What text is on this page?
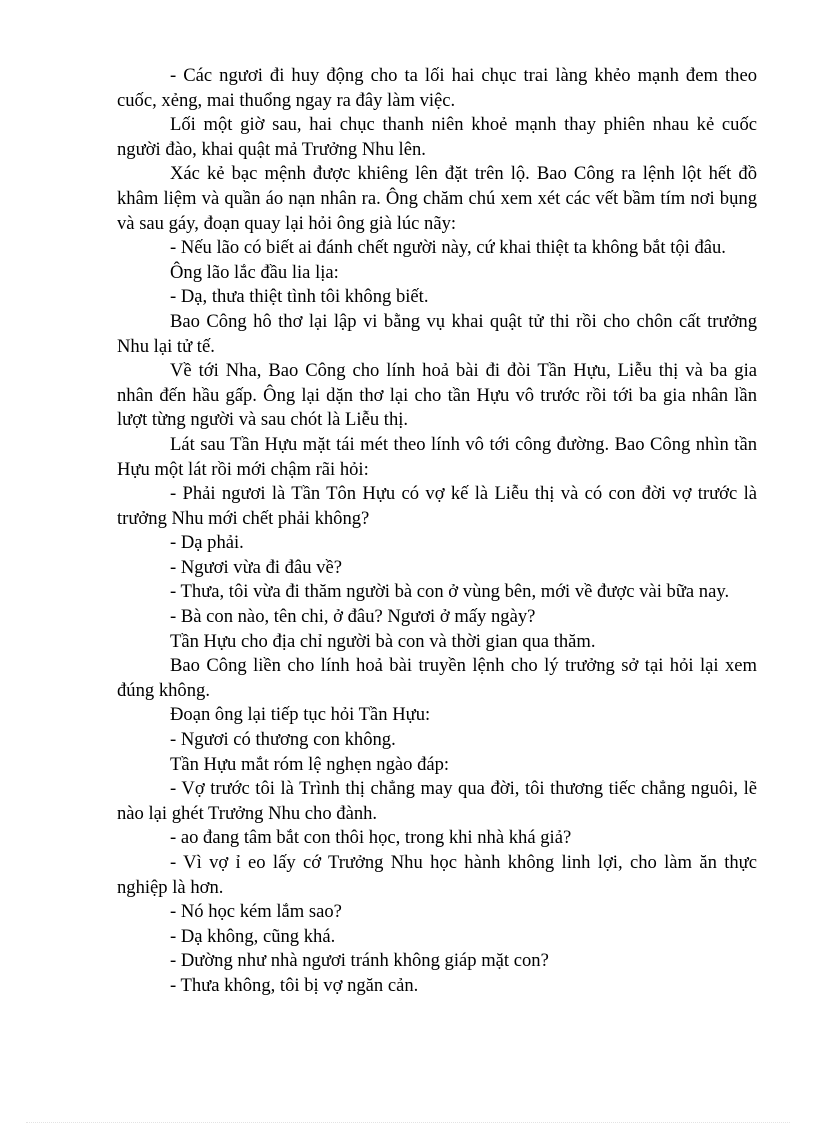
- Các ngươi đi huy động cho ta lối hai chục trai làng khẻo mạnh đem theo cuốc, xẻng, mai thuổng ngay ra đây làm việc.

Lối một giờ sau, hai chục thanh niên khoẻ mạnh thay phiên nhau kẻ cuốc người đào, khai quật mả Trưởng Nhu lên.

Xác kẻ bạc mệnh được khiêng lên đặt trên lộ. Bao Công ra lệnh lột hết đồ khâm liệm và quần áo nạn nhân ra. Ông chăm chú xem xét các vết bầm tím nơi bụng và sau gáy, đoạn quay lại hỏi ông già lúc nãy:

- Nếu lão có biết ai đánh chết người này, cứ khai thiệt ta không bắt tội đâu.

Ông lão lắc đầu lia lịa:

- Dạ, thưa thiệt tình tôi không biết.

Bao Công hô thơ lại lập vi bằng vụ khai quật tử thi rồi cho chôn cất trưởng Nhu lại tử tế.

Về tới Nha, Bao Công cho lính hoả bài đi đòi Tần Hựu, Liễu thị và ba gia nhân đến hầu gấp. Ông lại dặn thơ lại cho tần Hựu vô trước rồi tới ba gia nhân lần lượt từng người và sau chót là Liễu thị.

Lát sau Tần Hựu mặt tái mét theo lính vô tới công đường. Bao Công nhìn tần Hựu một lát rồi mới chậm rãi hỏi:

- Phải ngươi là Tần Tôn Hựu có vợ kế là Liễu thị và có con đời vợ trước là trưởng Nhu mới chết phải không?

- Dạ phải.

- Ngươi vừa đi đâu về?

- Thưa, tôi vừa đi thăm người bà con ở vùng bên, mới về được vài bữa nay.

- Bà con nào, tên chi, ở đâu? Ngươi ở mấy ngày?

Tần Hựu cho địa chỉ người bà con và thời gian qua thăm.

Bao Công liền cho lính hoả bài truyền lệnh cho lý trưởng sở tại hỏi lại xem đúng không.

Đoạn ông lại tiếp tục hỏi Tần Hựu:

- Ngươi có thương con không.

Tần Hựu mắt róm lệ nghẹn ngào đáp:

- Vợ trước tôi là Trình thị chẳng may qua đời, tôi thương tiếc chẳng nguôi, lẽ nào lại ghét Trưởng Nhu cho đành.

- ao đang tâm bắt con thôi học, trong khi nhà khá giả?

- Vì vợ ỉ eo lấy cớ Trưởng Nhu học hành không linh lợi, cho làm ăn thực nghiệp là hơn.

- Nó học kém lắm sao?

- Dạ không, cũng khá.

- Dường như nhà ngươi tránh không giáp mặt con?

- Thưa không, tôi bị vợ ngăn cản.
